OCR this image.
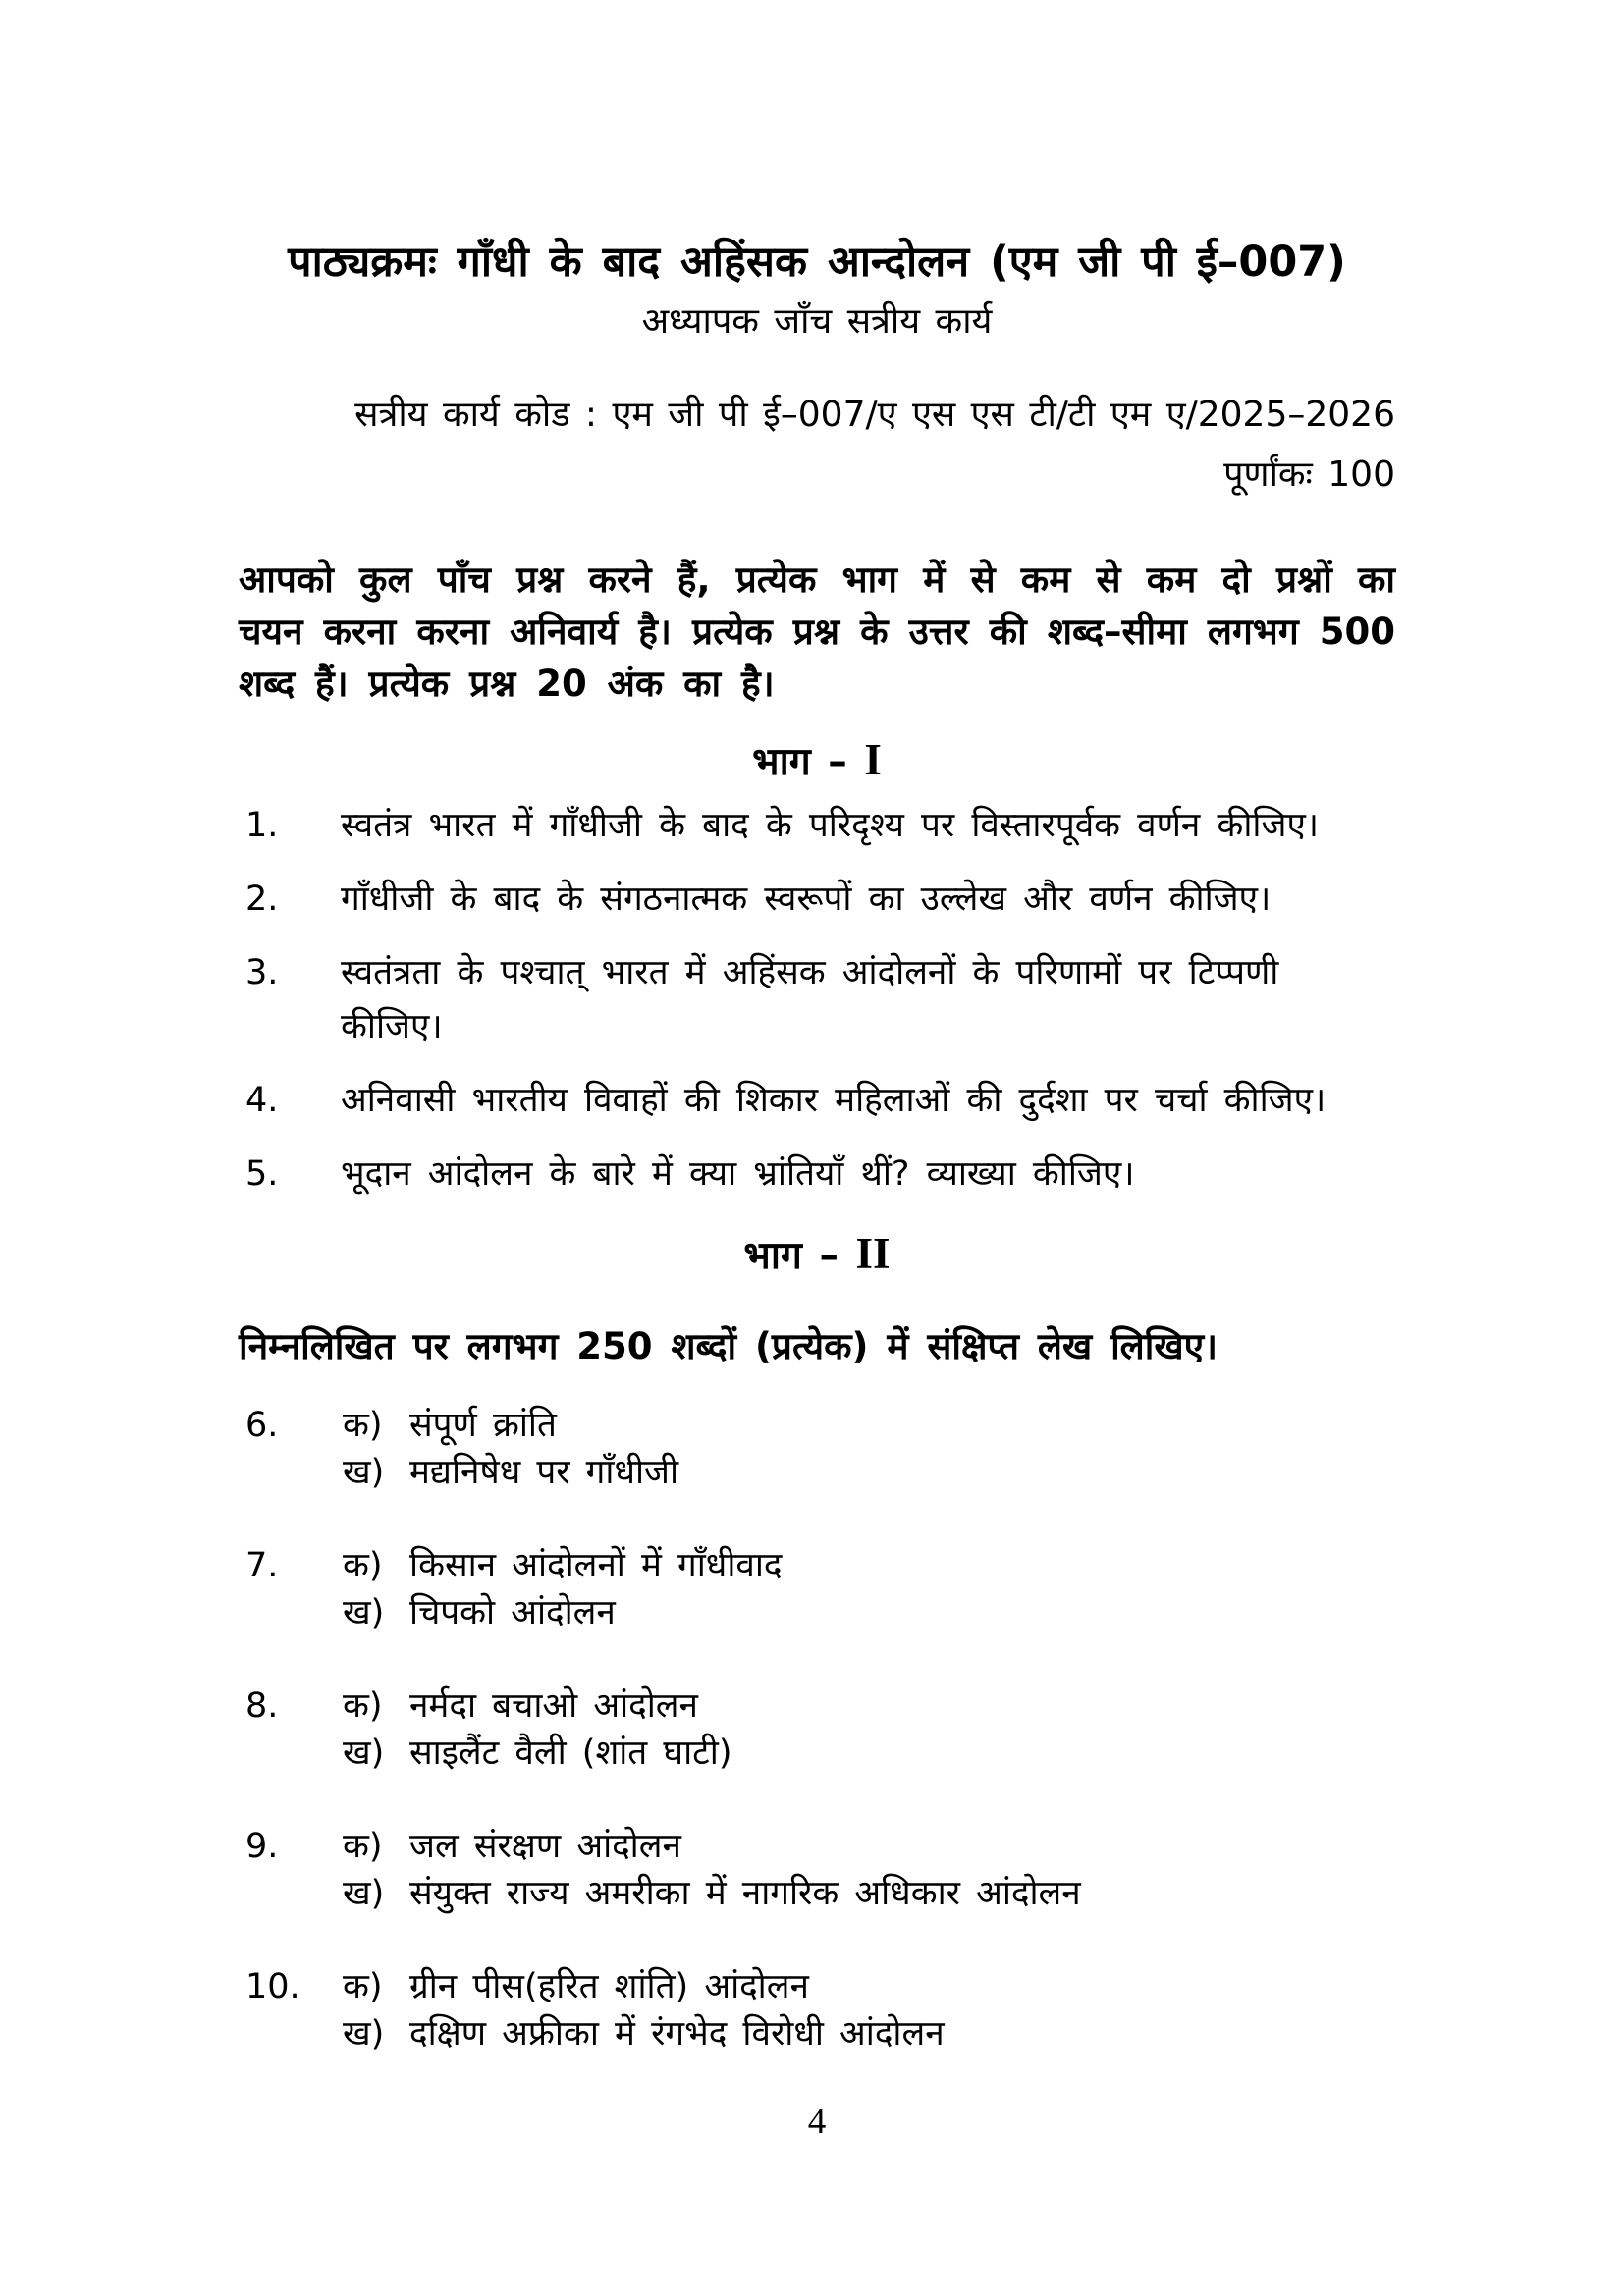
पाठ्यक्रमः गाँधी के बाद अहिंसक आन्दोलन (एम जी पी ई–007)
अध्यापक जाँच सत्रीय कार्य
सत्रीय कार्य कोड : एम जी पी ई–007/ए एस एस टी/टी एम ए/2025–2026
पूर्णांकः 100

आपको कुल पाँच प्रश्न करने हैं, प्रत्येक भाग में से कम से कम दो प्रश्नों का चयन करना करना अनिवार्य है। प्रत्येक प्रश्न के उत्तर की शब्द–सीमा लगभग 500 शब्द हैं। प्रत्येक प्रश्न 20 अंक का है।

भाग – I
1.	स्वतंत्र भारत में गाँधीजी के बाद के परिदृश्य पर विस्तारपूर्वक वर्णन कीजिए।
2.	गाँधीजी के बाद के संगठनात्मक स्वरूपों का उल्लेख और वर्णन कीजिए।
3.	स्वतंत्रता के पश्चात् भारत में अहिंसक आंदोलनों के परिणामों पर टिप्पणी कीजिए।
4.	अनिवासी भारतीय विवाहों की शिकार महिलाओं की दुर्दशा पर चर्चा कीजिए।
5.	भूदान आंदोलन के बारे में क्या भ्रांतियाँ थीं? व्याख्या कीजिए।
भाग – II

निम्नलिखित पर लगभग 250 शब्दों (प्रत्येक) में संक्षिप्त लेख लिखिए।

6.	क) संपूर्ण क्रांति
ख) मद्यनिषेध पर गाँधीजी
7.	क) किसान आंदोलनों में गाँधीवाद
ख) चिपको आंदोलन
8.	क) नर्मदा बचाओ आंदोलन
ख) साइलैंट वैली (शांत घाटी)
9.	क) जल संरक्षण आंदोलन
ख) संयुक्त राज्य अमरीका में नागरिक अधिकार आंदोलन
10.	क) ग्रीन पीस(हरित शांति) आंदोलन
ख) दक्षिण अफ्रीका में रंगभेद विरोधी आंदोलन
4
